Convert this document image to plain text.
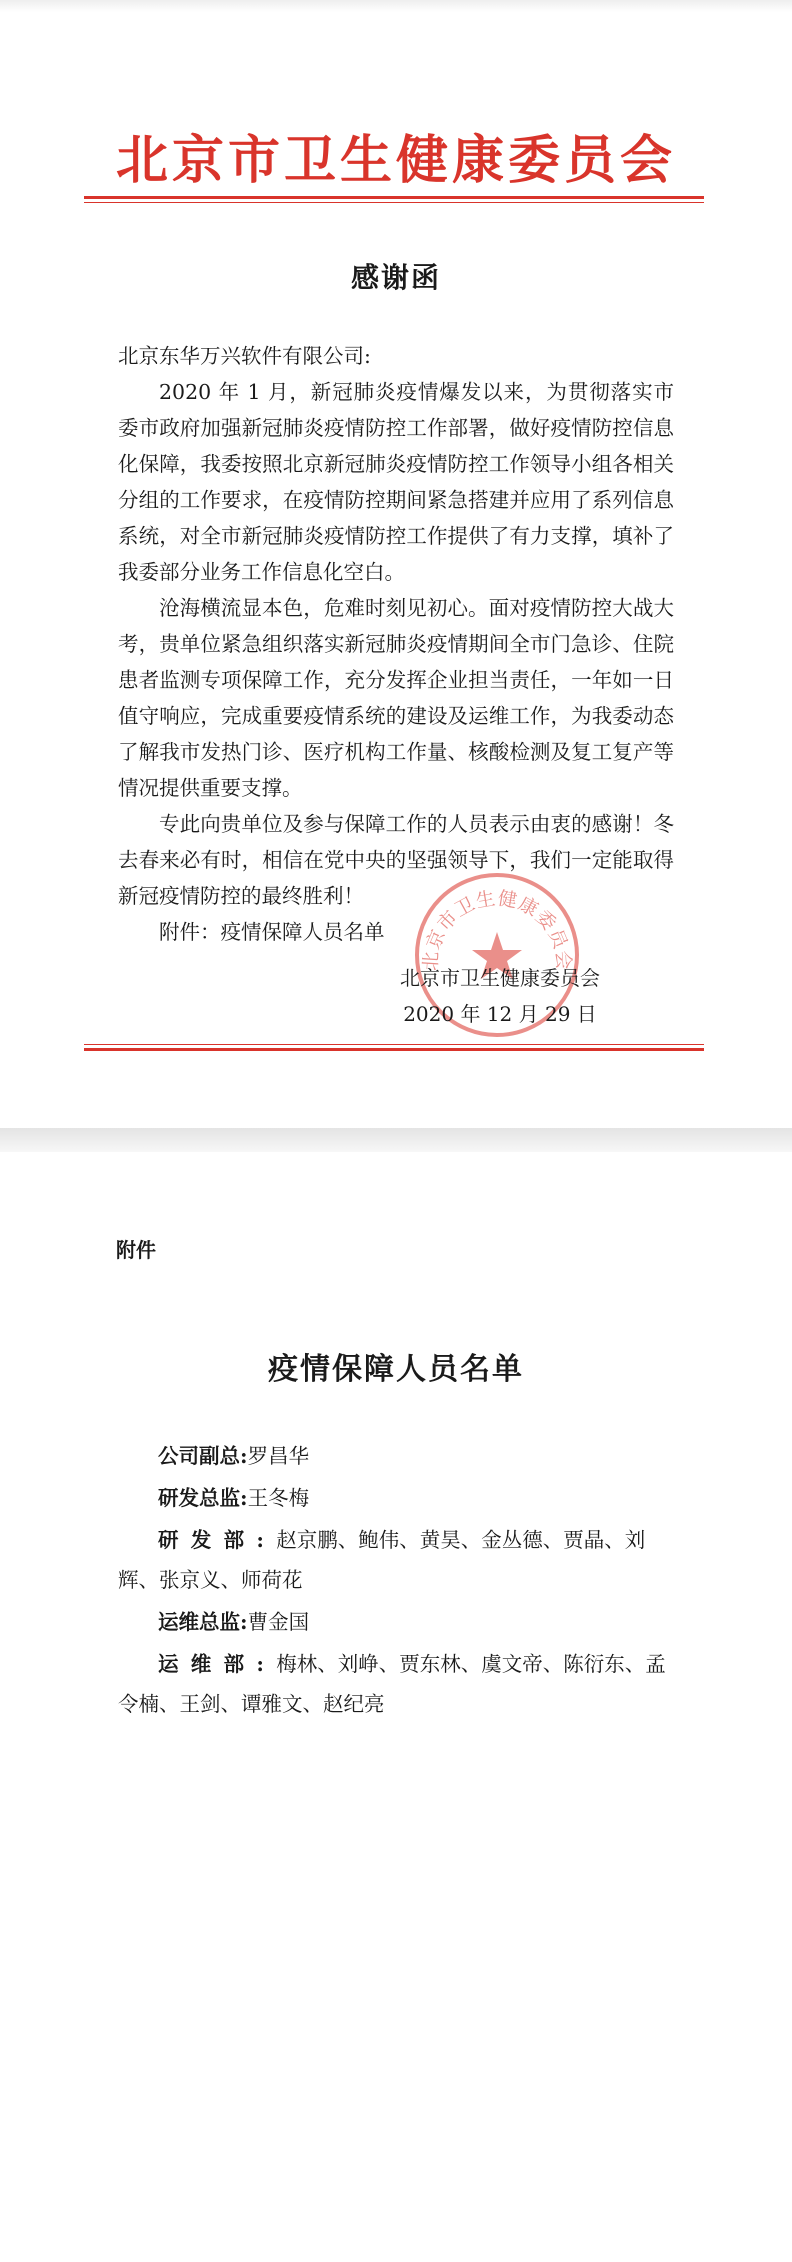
北京市卫生健康委员会
感谢函

北京东华万兴软件有限公司:

2020 年 1 月，新冠肺炎疫情爆发以来，为贯彻落实市委市政府加强新冠肺炎疫情防控工作部署，做好疫情防控信息化保障，我委按照北京新冠肺炎疫情防控工作领导小组各相关分组的工作要求，在疫情防控期间紧急搭建并应用了系列信息系统，对全市新冠肺炎疫情防控工作提供了有力支撑，填补了我委部分业务工作信息化空白。

沧海横流显本色，危难时刻见初心。面对疫情防控大战大考，贵单位紧急组织落实新冠肺炎疫情期间全市门急诊、住院患者监测专项保障工作，充分发挥企业担当责任，一年如一日值守响应，完成重要疫情系统的建设及运维工作，为我委动态了解我市发热门诊、医疗机构工作量、核酸检测及复工复产等情况提供重要支撑。

专此向贵单位及参与保障工作的人员表示由衷的感谢！冬去春来必有时，相信在党中央的坚强领导下，我们一定能取得新冠疫情防控的最终胜利！

附件：疫情保障人员名单

北京市卫生健康委员会
北京市卫生健康委员会
2020 年 12 月 29 日
附件
疫情保障人员名单
公司副总:罗昌华
研发总监:王冬梅
研发部:赵京鹏、鲍伟、黄昊、金丛德、贾晶、刘辉、张京义、师荷花
运维总监:曹金国
运维部:梅林、刘峥、贾东林、虞文帝、陈衍东、孟令楠、王剑、谭雅文、赵纪亮
